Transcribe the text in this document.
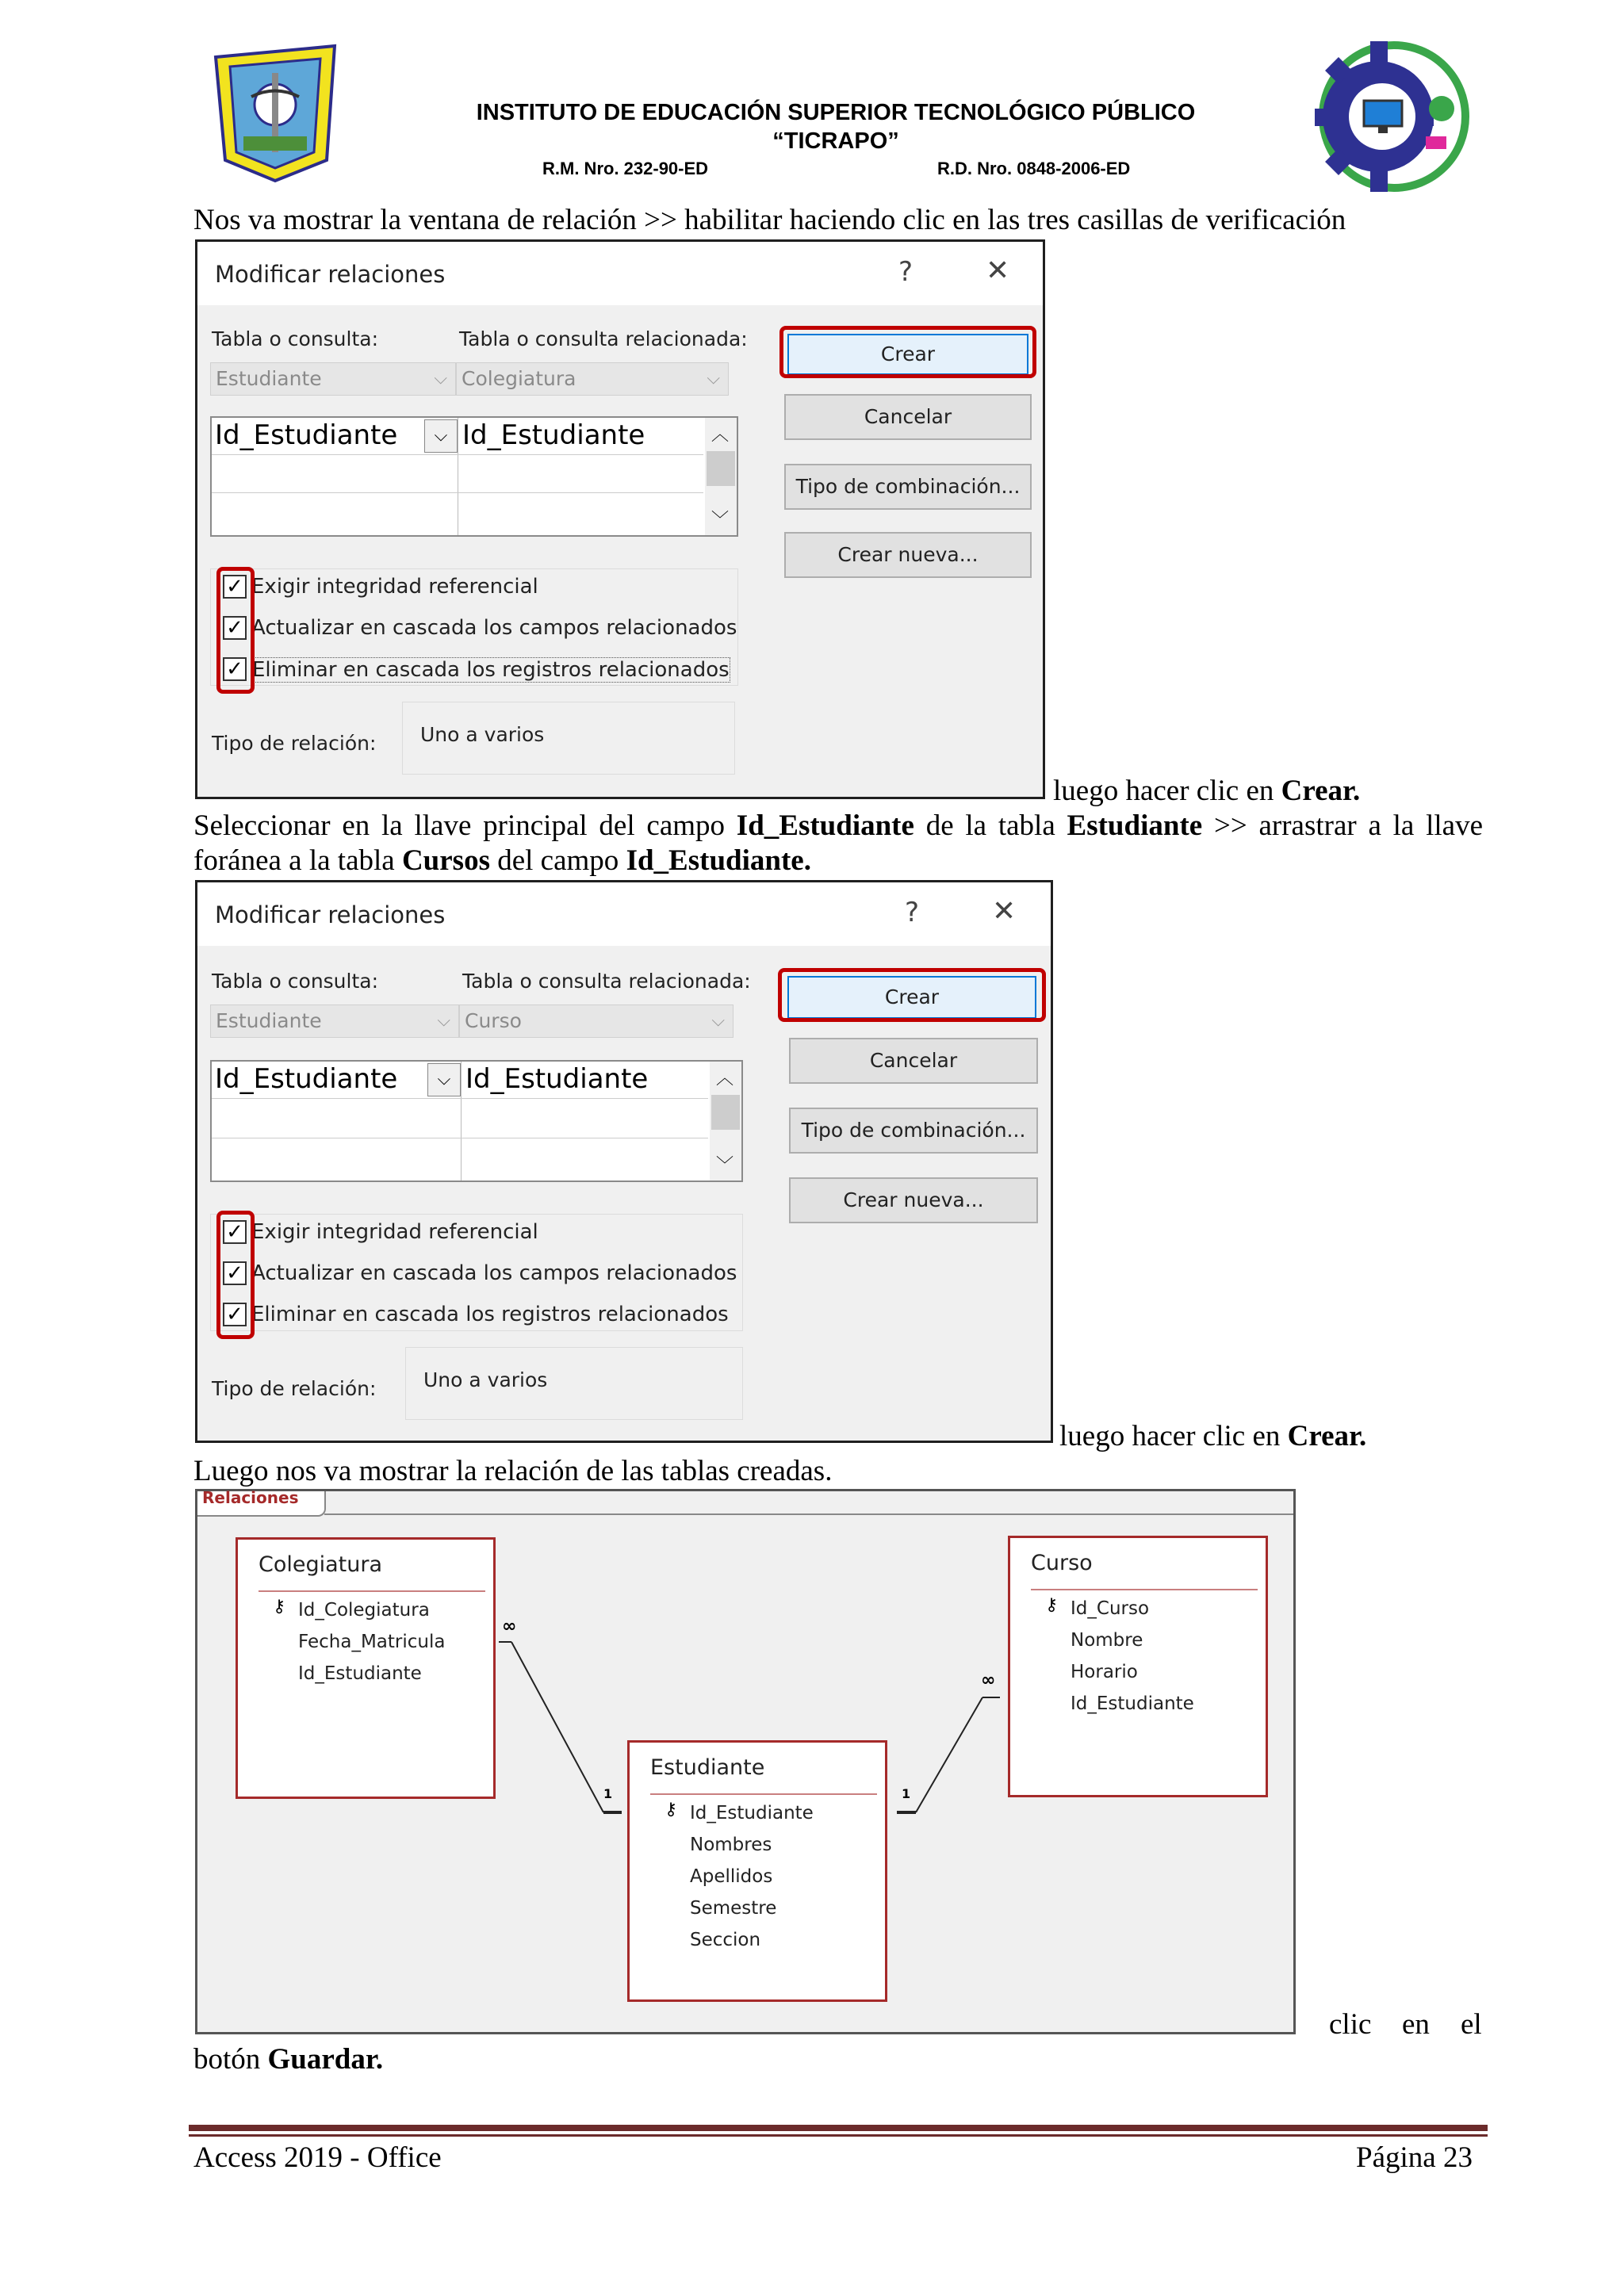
INSTITUTO DE EDUCACIÓN SUPERIOR TECNOLÓGICO PÚBLICO
“TICRAPO”
R.M. Nro. 232-90-ED	R.D. Nro. 0848-2006-ED
Nos va mostrar la ventana de relación >> habilitar haciendo clic en las tres casillas de verificación
Modificar relaciones	?	✕
Tabla o consulta:	Tabla o consulta relacionada:
Estudiante	⌵ Colegiatura	⌵
Id_Estudiante	⌵ Id_Estudiante	︿
﹀
✓ Exigir integridad referencial
✓ Actualizar en cascada los campos relacionados
✓ Eliminar en cascada los registros relacionados
Tipo de relación: Uno a varios
Crear
Cancelar
Tipo de combinación...
Crear nueva...
luego hacer clic en Crear.
Seleccionar en la llave principal del campo Id_Estudiante de la tabla Estudiante >> arrastrar a la llave
foránea a la tabla Cursos del campo Id_Estudiante.
Modificar relaciones	?	✕
Tabla o consulta:	Tabla o consulta relacionada:
Estudiante	⌵ Curso	⌵
Id_Estudiante	⌵ Id_Estudiante	︿
﹀
✓ Exigir integridad referencial
✓ Actualizar en cascada los campos relacionados
✓ Eliminar en cascada los registros relacionados
Tipo de relación: Uno a varios
Crear
Cancelar
Tipo de combinación...
Crear nueva...
luego hacer clic en Crear.
Luego nos va mostrar la relación de las tablas creadas.
Relaciones
∞
1	1
∞
Colegiatura
⚷ Id_Colegiatura
Fecha_Matricula
Id_Estudiante
Estudiante
⚷ Id_Estudiante
Nombres
Apellidos
Semestre
Seccion
Curso
⚷ Id_Curso
Nombre
Horario
Id_Estudiante
clic en el
botón Guardar.
Access 2019 - Office	Página 23
